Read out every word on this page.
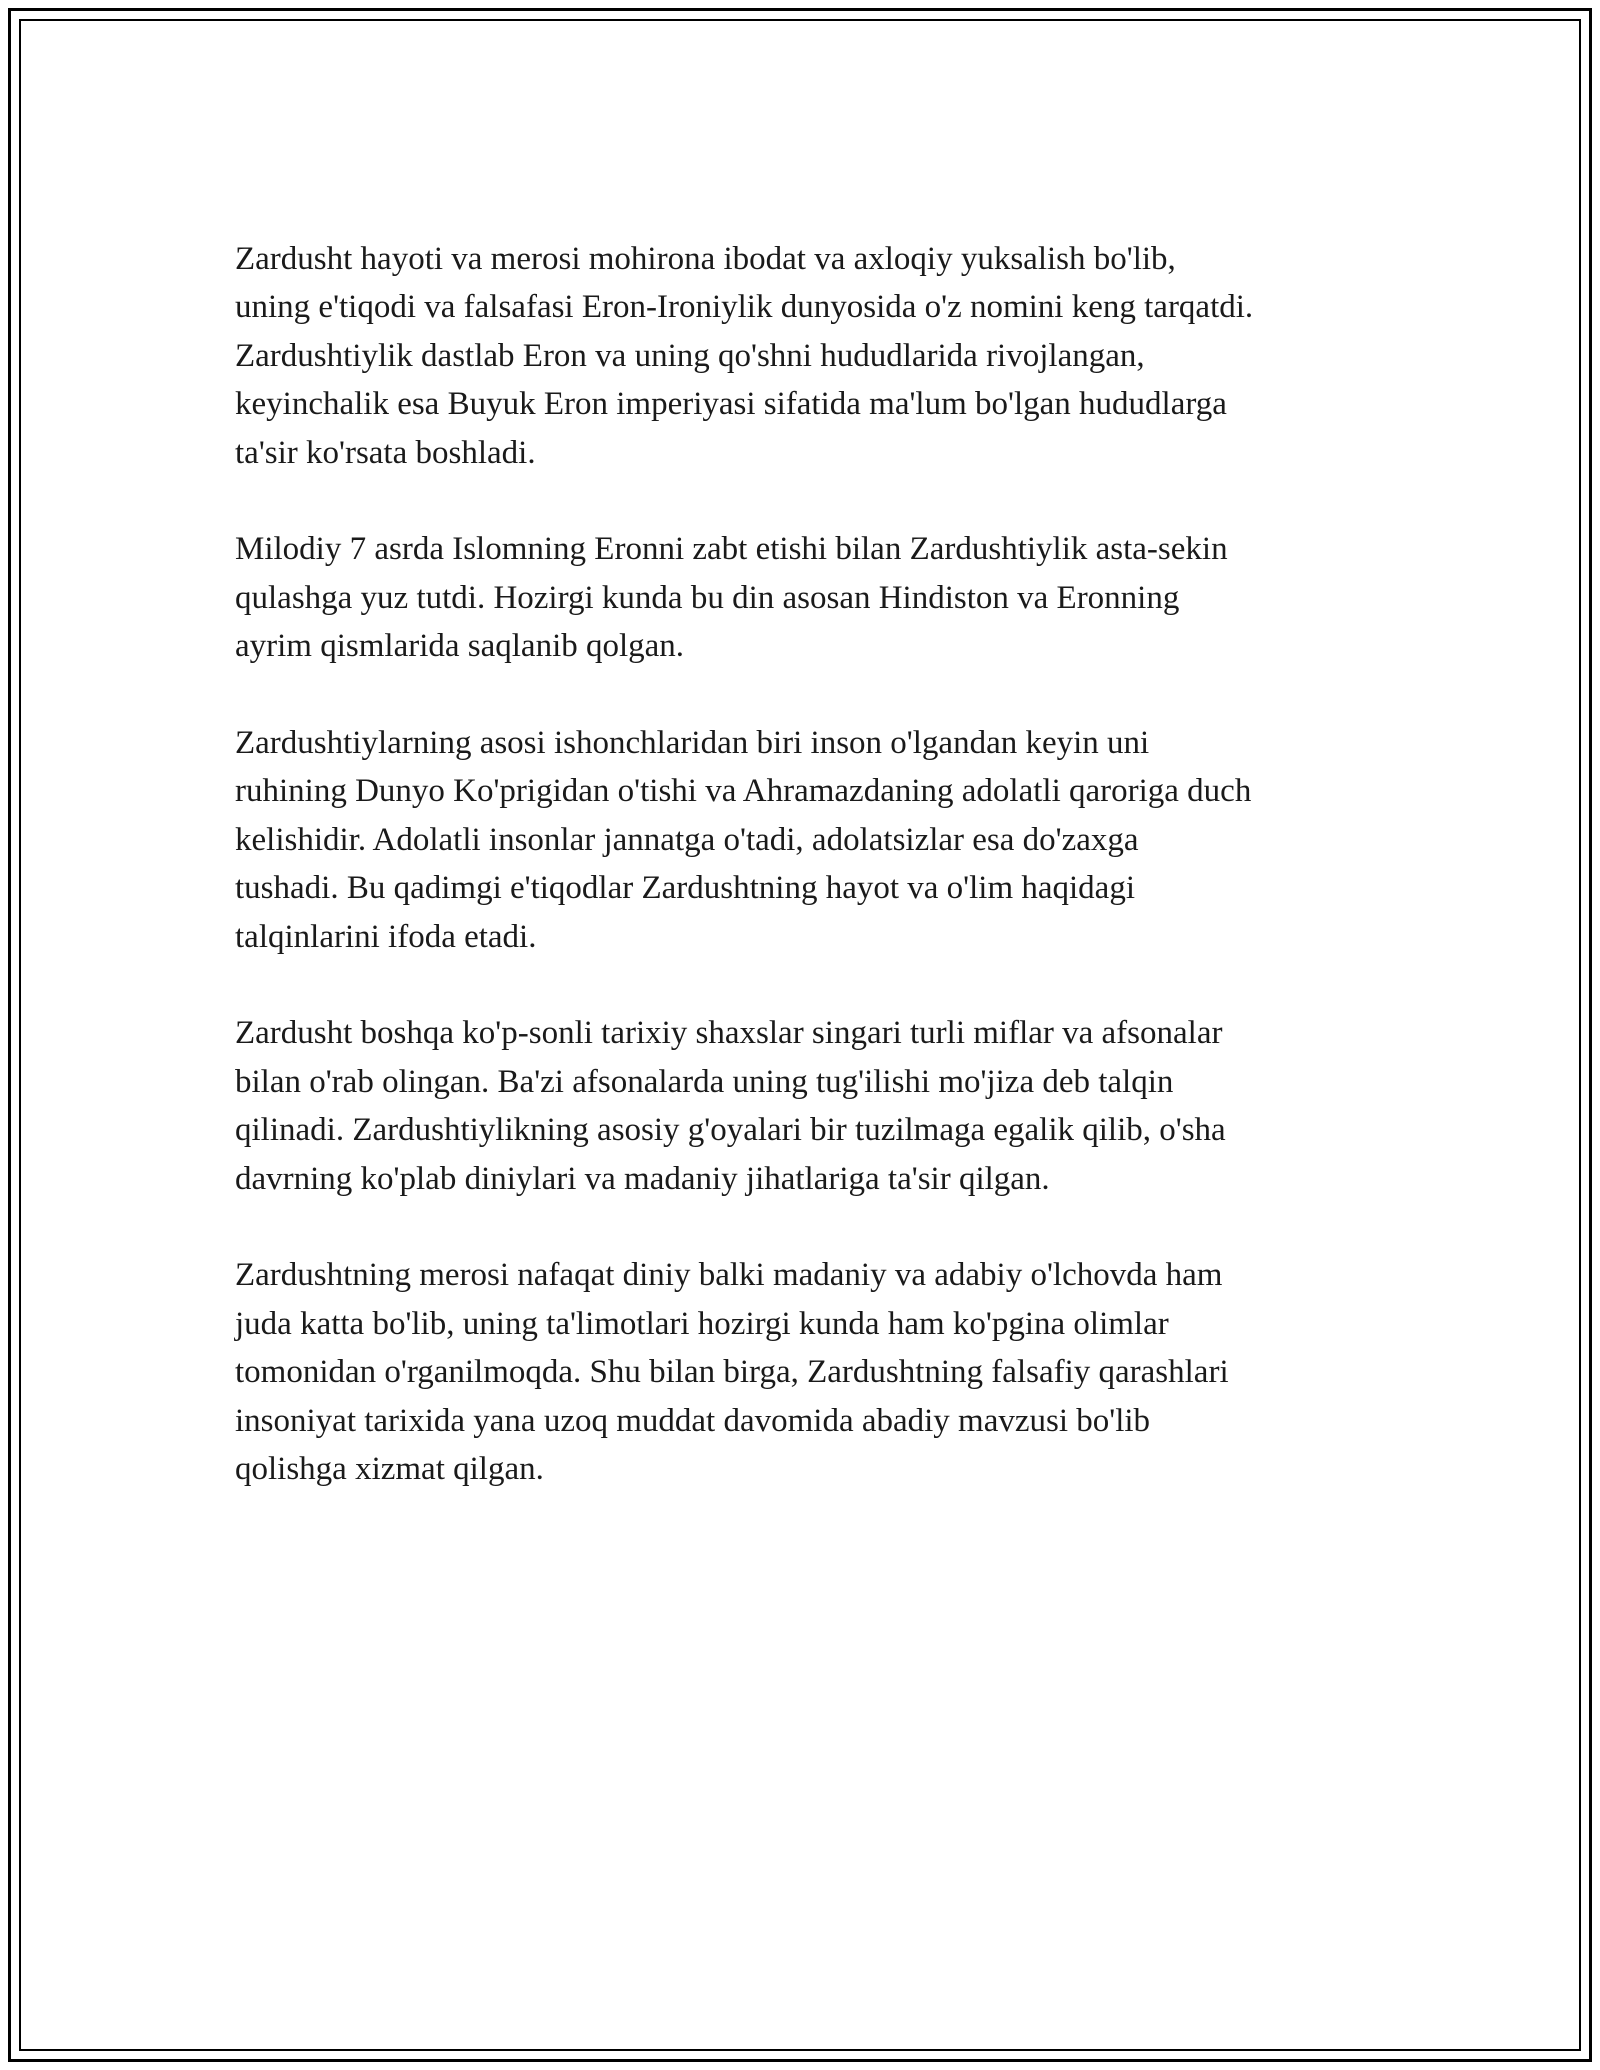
Zardusht hayoti va merosi mohirona ibodat va axloqiy yuksalish bo'lib,
uning e'tiqodi va falsafasi Eron-Ironiylik dunyosida o'z nomini keng tarqatdi.
Zardushtiylik dastlab Eron va uning qo'shni hududlarida rivojlangan,
keyinchalik esa Buyuk Eron imperiyasi sifatida ma'lum bo'lgan hududlarga
ta'sir ko'rsata boshladi.

Milodiy 7 asrda Islomning Eronni zabt etishi bilan Zardushtiylik asta-sekin
qulashga yuz tutdi. Hozirgi kunda bu din asosan Hindiston va Eronning
ayrim qismlarida saqlanib qolgan.

Zardushtiylarning asosi ishonchlaridan biri inson o'lgandan keyin uni
ruhining Dunyo Ko'prigidan o'tishi va Ahramazdaning adolatli qaroriga duch
kelishidir. Adolatli insonlar jannatga o'tadi, adolatsizlar esa do'zaxga
tushadi. Bu qadimgi e'tiqodlar Zardushtning hayot va o'lim haqidagi
talqinlarini ifoda etadi.

Zardusht boshqa ko'p-sonli tarixiy shaxslar singari turli miflar va afsonalar
bilan o'rab olingan. Ba'zi afsonalarda uning tug'ilishi mo'jiza deb talqin
qilinadi. Zardushtiylikning asosiy g'oyalari bir tuzilmaga egalik qilib, o'sha
davrning ko'plab diniylari va madaniy jihatlariga ta'sir qilgan.

Zardushtning merosi nafaqat diniy balki madaniy va adabiy o'lchovda ham
juda katta bo'lib, uning ta'limotlari hozirgi kunda ham ko'pgina olimlar
tomonidan o'rganilmoqda. Shu bilan birga, Zardushtning falsafiy qarashlari
insoniyat tarixida yana uzoq muddat davomida abadiy mavzusi bo'lib
qolishga xizmat qilgan.
